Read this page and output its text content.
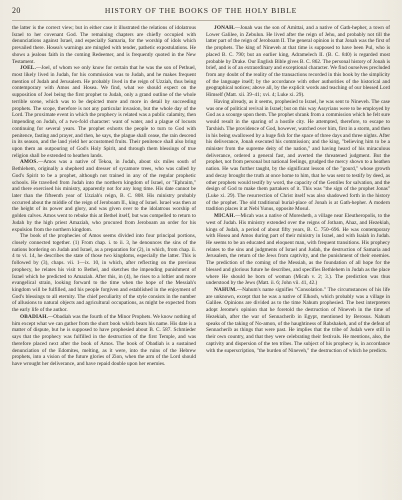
20	HISTORY OF THE BOOKS OF THE HOLY BIBLE

the latter is the correct view; but in either case it illustrated the relations of idolatrous Israel to her covenant God. The remaining chapters are chiefly occupied with denunciations against Israel, and especially Samaria, for the worship of idols which prevailed there. Hosea's warnings are mingled with tender, pathetic expostulations. He shows a jealous faith in the coming Redeemer, and is frequently quoted in the New Testament.

JOEL.—Joel, of whom we only know for certain that he was the son of Pethuel, most likely lived in Judah, for his commission was to Judah, and he makes frequent mention of Judah and Jerusalem. He probably lived in the reign of Uzziah, thus being contemporary with Amos and Hosea. We find, what we should expect on the supposition of Joel being the first prophet to Judah, only a grand outline of the whole terrible scene, which was to be depicted more and more in detail by succeeding prophets. The scope, therefore is not any particular invasion, but the whole day of the Lord. The proximate event in which the prophecy is related was a public calamity, then impending on Judah, of a two-fold character: want of water, and a plague of locusts continuing for several years. The prophet exhorts the people to turn to God with penitence, fasting and prayer, and then, he says, the plague shall cease, the rain descend in its season, and the land yield her accustomed fruits. Their penitence shall also bring upon them an outpouring of God's Holy Spirit, and through them blessings of true religion shall be extended to heathen lands.

AMOS.—Amos was a native of Tekoa, in Judah, about six miles south of Bethlehem, originally a shepherd and dresser of sycamore trees, who was called by God's Spirit to be a prophet, although not trained in any of the regular prophetic schools. He travelled from Judah into the northern kingdom of Israel, or "Ephraim," and there exercised his ministry, apparently not for any long time. His date cannot be later than the fifteenth year of Uzziah's reign, B. C. 808. His ministry probably occurred about the middle of the reign of Jeroboam II., king of Israel. Israel was then at the height of its power and glory, and was given over to the idolatrous worship of golden calves. Amos went to rebuke this at Bethel itself, but was compelled to return to Judah by the high priest Amaziah, who procured from Jeroboam an order for his expulsion from the northern kingdom.

The book of the prophecies of Amos seems divided into four principal portions, closely connected together. (1) From chap. i. to ii. 3, he denounces the sins of the nations bordering on Judah and Israel, as a preparation for (2), in which, from chap. ii. 4 to vi. 14, he describes the state of those two kingdoms, especially the latter. This is followed by (3), chaps. vii. 1—ix. 10, in which, after reflecting on the previous prophecy, he relates his visit to Bethel, and sketches the impending punishment of Israel which he predicted to Amaziah. After this, in (4), he rises to a loftier and more evangelical strain, looking forward to the time when the hope of the Messiah's kingdom will be fulfilled, and his people forgiven and established in the enjoyment of God's blessings to all eternity. The chief peculiarity of the style consists in the number of allusions to natural objects and agricultural occupations, as might be expected from the early life of the author.

OBADIAH.—Obadiah was the fourth of the Minor Prophets. We know nothing of him except what we can gather from the short book which bears his name. His date is a matter of dispute, but he is supposed to have prophesied about B. C. 587. Schmieder says that the prophecy was fulfilled in the destruction of the first Temple, and was therefore placed next after the book of Amos. The book of Obadiah is a sustained denunciation of the Edomites, melting, as it were, into the ruins of the Hebrew prophets, into a vision of the future glories of Zion, when the arm of the Lord should have wrought her deliverance, and have repaid double upon her enemies.

JONAH.—Jonah was the son of Amittai, and a native of Gath-hepher, a town of Lower Galilee, in Zebulun. He lived after the reign of Jehu, and probably not till the latter part of the reign of Jeroboam II. The general opinion is that Jonah was the first of the prophets. The king of Nineveh at that time is supposed to have been Pul, who is placed B. C. 790; but an earlier king, Adramelech II. (B. C. 840) is regarded most probable by Drake. Our English Bible gives B. C. 862. The personal history of Jonah is brief, and is of an extraordinary and exceptional character. We find ourselves precluded from any doubt of the reality of the transactions recorded in this book by the simplicity of the language itself; by the accordance with other authorities of the historical and geographical notices; above all, by the explicit words and teaching of our blessed Lord Himself (Matt. xii. 39–41; xvi. 4; Luke xi. 29).

Having already, as it seems, prophesied to Israel, he was sent to Nineveh. The case was one of political revival in Israel; but on this way Assyrians were to be employed by God as a scourge upon them. The prophet shrank from a commission which he felt sure would result in the sparing of a hostile city. He attempted, therefore, to escape to Tarshish. The providence of God, however, watched over him, first in a storm, and then in his being swallowed by a huge fish for the space of three days and three nights. After his deliverance, Jonah executed his commission; and the king, "believing him to be a minister from the supreme deity of the nation," and having heard of his miraculous deliverance, ordered a general fast, and averted the threatened judgment. But the prophet, not from personal but national feelings, grudged the mercy shown to a heathen nation. He was further taught, by the significant lesson of the "gourd," whose growth and decay brought the truth at once home to him, that he was sent to testify by deed, as other prophets would testify by word, the capacity of the Gentiles for salvation, and the design of God to make them partakers of it. This was "the sign of the prophet Jonas" (Luke xi. 29). The resurrection of Christ itself was also shadowed forth in the history of the prophet. The old traditional burial-place of Jonah is at Gath-hepher. A modern tradition places it at Nebi Yunus, opposite Mosul.

MICAH.—Micah was a native of Moresheth, a village near Eleutheropolis, to the west of Judah. His ministry extended over the reigns of Jotham, Ahaz, and Hezekiah, kings of Judah, a period of about fifty years, B. C. 750–696. He was contemporary with Hosea and Amos during part of their ministry in Israel, and with Isaiah in Judah. He seems to be an educated and eloquent man, with frequent transitions. His prophecy relates to the sins and judgments of Israel and Judah, the destruction of Samaria and Jerusalem, the return of the Jews from captivity, and the punishment of their enemies. The prediction of the coming of the Messiah, as the foundation of all hope for the blessed and glorious future he describes, and specifies Bethlehem in Judah as the place where He should be born of woman (Micah v. 2; 3.). The prediction was thus understood by the Jews (Matt. ii. 6; John vii. 41, 42.)

NAHUM.—Nahum's name signifies "Consolation." The circumstances of his life are unknown, except that he was a native of Elkosh, which probably was a village in Galilee. Opinions are divided as to the time Nahum prophesied. The best interpreters adopt Jerome's opinion that he foretold the destruction of Nineveh in the time of Hezekiah, after the war of Sennacherib in Egypt, mentioned by Berosus. Nahum speaks of the taking of No-amon, of the haughtiness of Rabshakeh, and of the defeat of Sennacherib as things that were past. He implies that the tribe of Judah were still in their own country, and that they were celebrating their festivals. He mentions, also, the captivity and dispersion of the ten tribes. The subject of his prophecy is, in accordance with the superscription, "the burden of Nineveh," the destruction of which he predicts.
